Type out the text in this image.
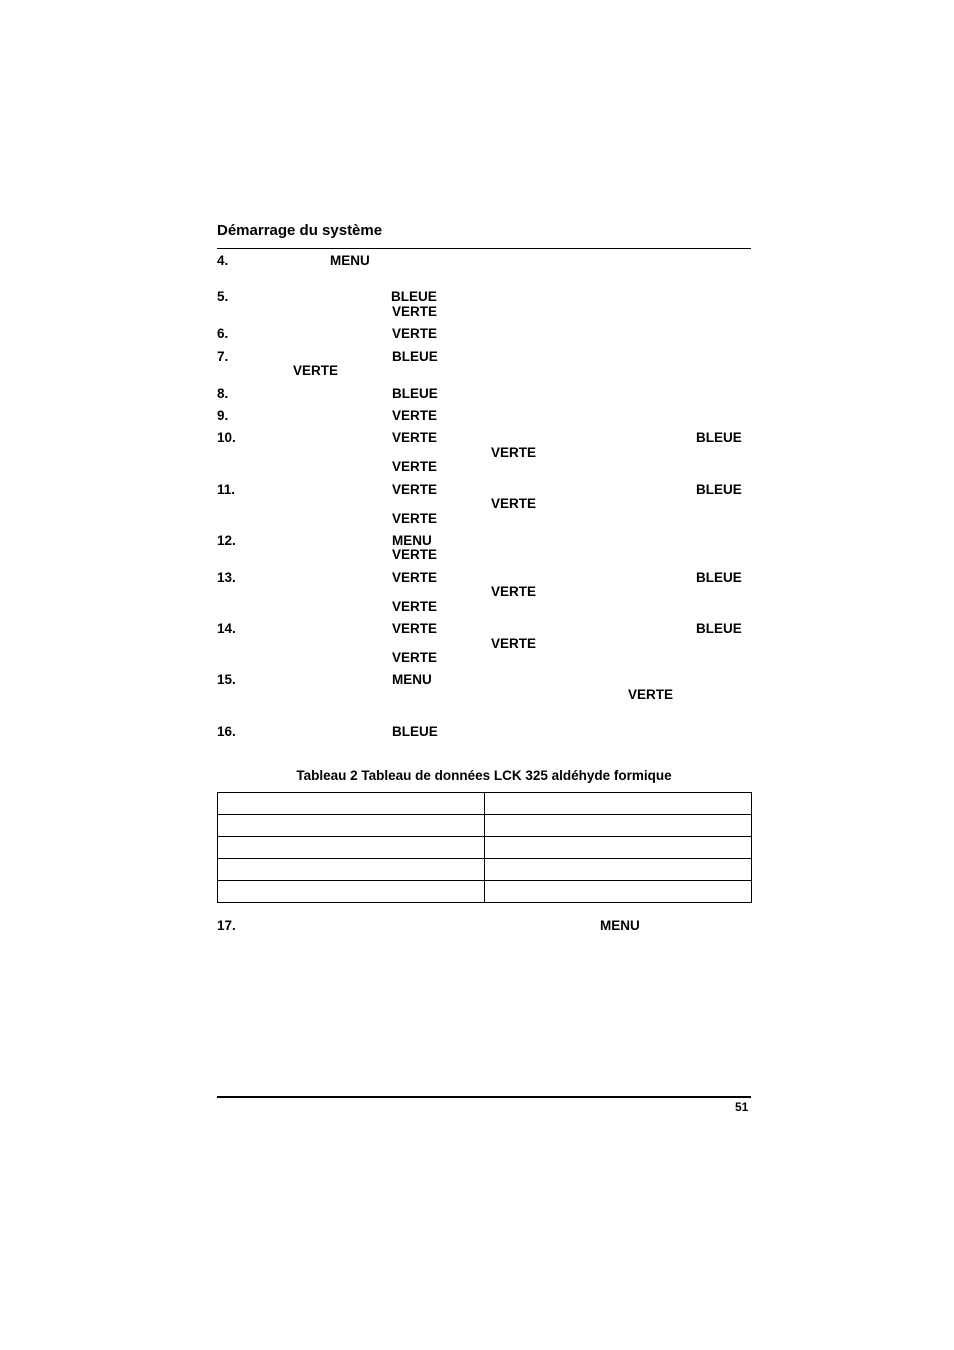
Démarrage du système
4.	MENU
5.	BLEUE
VERTE
6.	VERTE
7.	BLEUE
VERTE
8.	BLEUE
9.	VERTE
10.	VERTE	BLEUE
VERTE
VERTE
11.	VERTE	BLEUE
VERTE
VERTE
12.	MENU
VERTE
13.	VERTE	BLEUE
VERTE
VERTE
14.	VERTE	BLEUE
VERTE
VERTE
15.	MENU
VERTE
16.	BLEUE
Tableau 2 Tableau de données LCK 325 aldéhyde formique

17.	MENU
51
